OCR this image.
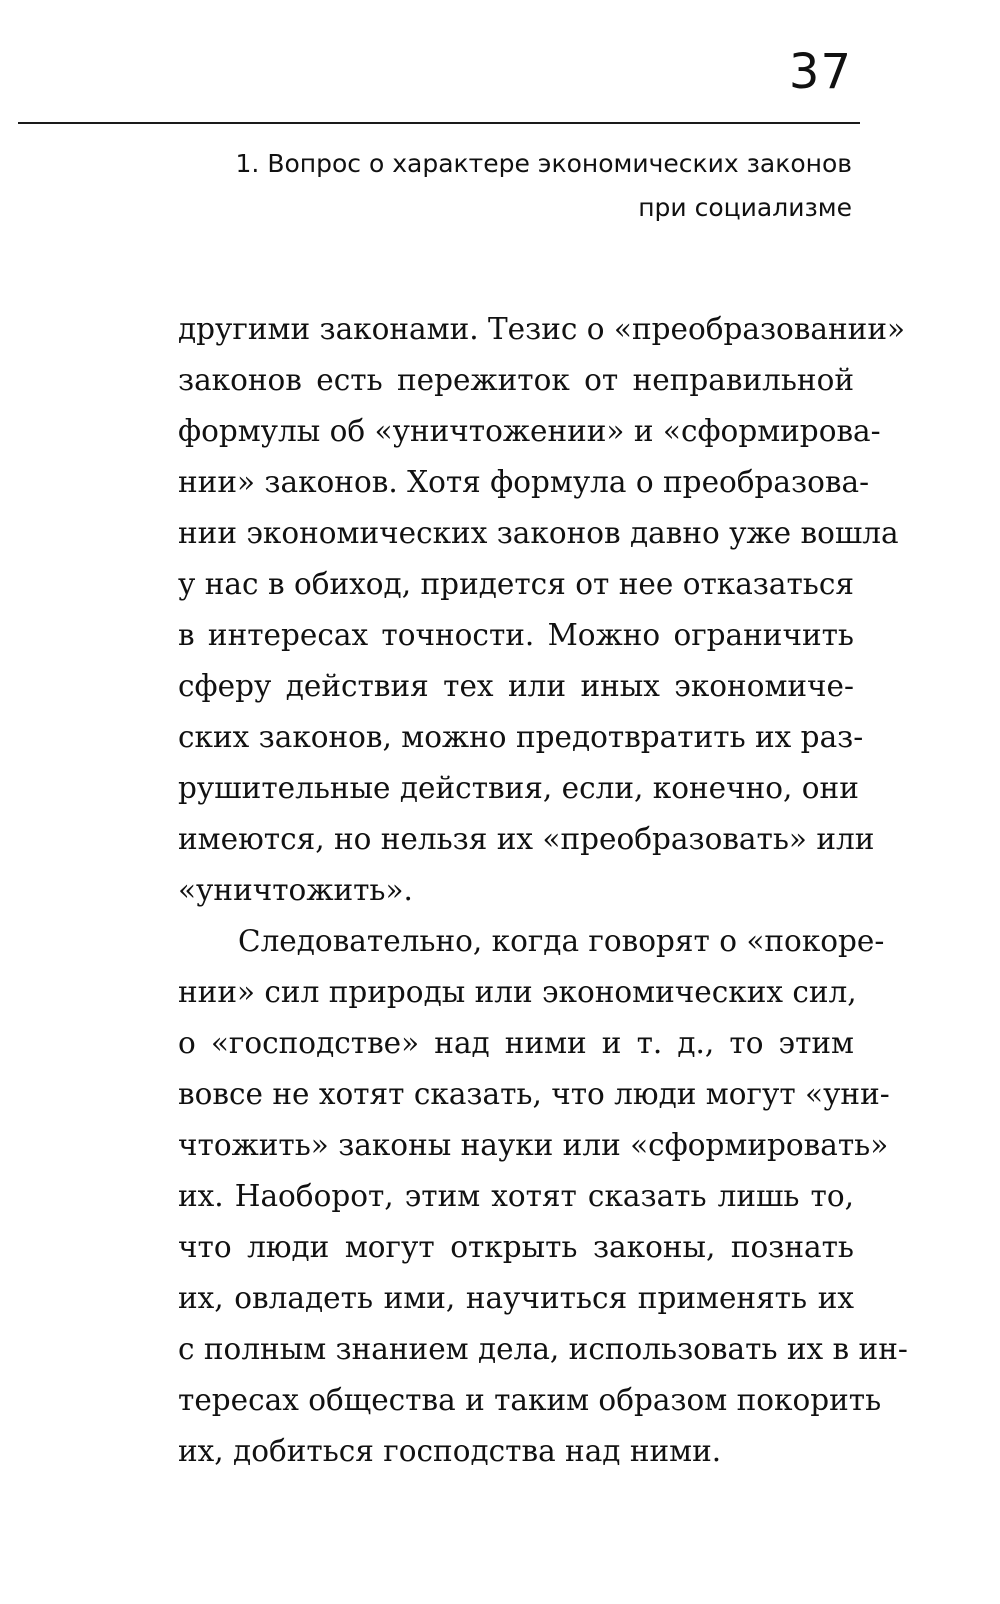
37
1. Вопрос о характере экономических законов
при социализме
другими законами. Тезис о «преобразовании»
законов есть пережиток от неправильной
формулы об «уничтожении» и «сформирова-
нии» законов. Хотя формула о преобразова-
нии экономических законов давно уже вошла
у нас в обиход, придется от нее отказаться
в интересах точности. Можно ограничить
сферу действия тех или иных экономиче-
ских законов, можно предотвратить их раз-
рушительные действия, если, конечно, они
имеются, но нельзя их «преобразовать» или
«уничтожить».
Следовательно, когда говорят о «покоре-
нии» сил природы или экономических сил,
о «господстве» над ними и т. д., то этим
вовсе не хотят сказать, что люди могут «уни-
чтожить» законы науки или «сформировать»
их. Наоборот, этим хотят сказать лишь то,
что люди могут открыть законы, познать
их, овладеть ими, научиться применять их
с полным знанием дела, использовать их в ин-
тересах общества и таким образом покорить
их, добиться господства над ними.
